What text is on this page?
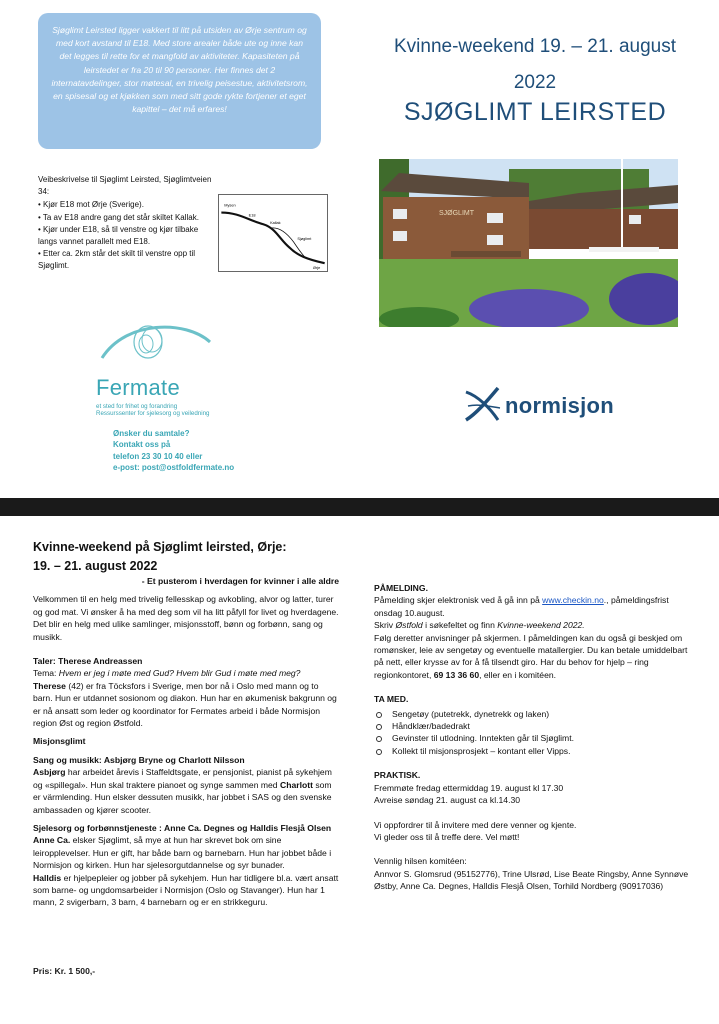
Sjøglimt Leirsted ligger vakkert til litt på utsiden av Ørje sentrum og med kort avstand til E18. Med store arealer både ute og inne kan det legges til rette for et mangfold av aktiviteter. Kapasiteten på leirstedet er fra 20 til 90 personer. Her finnes det 2 internatavdelinger, stor møtesal, en trivelig peisestue, aktivitetsrom, en spisesal og et kjøkken som med sitt gode rykte fortjener et eget kapittel – det må erfares!
Kvinne-weekend 19. – 21. august
2022
SJØGLIMT LEIRSTED
Veibeskrivelse til Sjøglimt Leirsted, Sjøglimtveien 34:
• Kjør E18 mot Ørje (Sverige).
• Ta av E18 andre gang det står skiltet Kallak.
• Kjør under E18, så til venstre og kjør tilbake langs vannet parallelt med E18.
• Etter ca. 2km står det skilt til venstre opp til Sjøglimt.
Mysen
E18
Kallak
Sjøglimt
Ørje
SJØGLIMT
Fermate
et sted for frihet og forandring
Ressurssenter for sjelesorg og veiledning
Ønsker du samtale?
Kontakt oss på
telefon 23 30 10 40 eller
e-post: post@ostfoldfermate.no
normisjon
Kvinne-weekend på Sjøglimt leirsted, Ørje:
19. – 21. august 2022
- Et pusterom i hverdagen for kvinner i alle aldre
Velkommen til en helg med trivelig fellesskap og avkobling, alvor og latter, turer og god mat. Vi ønsker å ha med deg som vil ha litt påfyll for livet og hverdagene. Det blir en helg med ulike samlinger, misjonsstoff, bønn og forbønn, sang og musikk.
Taler: Therese Andreassen
Tema: Hvem er jeg i møte med Gud? Hvem blir Gud i møte med meg?
Therese (42) er fra Töcksfors i Sverige, men bor nå i Oslo med mann og to barn. Hun er utdannet sosionom og diakon. Hun har en økumenisk bakgrunn og er nå ansatt som leder og koordinator for Fermates arbeid i både Normisjon region Øst og region Østfold.
Misjonsglimt
Sang og musikk: Asbjørg Bryne og Charlott Nilsson
Asbjørg har arbeidet årevis i Staffeldtsgate, er pensjonist, pianist på sykehjem og «spillegal». Hun skal traktere pianoet og synge sammen med Charlott som er värmlending. Hun elsker dessuten musikk, har jobbet i SAS og den svenske ambassaden og kjører scooter.
Sjelesorg og forbønnstjeneste : Anne Ca. Degnes og Halldis Flesjå Olsen
Anne Ca. elsker Sjøglimt, så mye at hun har skrevet bok om sine leiropplevelser. Hun er gift, har både barn og barnebarn. Hun har jobbet både i Normisjon og kirken. Hun har sjelesorgutdannelse og syr bunader.
Halldis er hjelpepleier og jobber på sykehjem. Hun har tidligere bl.a. vært ansatt som barne- og ungdomsarbeider i Normisjon (Oslo og Stavanger). Hun har 1 mann, 2 svigerbarn, 3 barn, 4 barnebarn og er en strikkeguru.
Pris: Kr. 1 500,-
PÅMELDING.
Påmelding skjer elektronisk ved å gå inn på www.checkin.no., påmeldingsfrist onsdag 10.august.
Skriv Østfold i søkefeltet og finn Kvinne-weekend 2022.
Følg deretter anvisninger på skjermen. I påmeldingen kan du også gi beskjed om romønsker, leie av sengetøy og eventuelle matallergier. Du kan betale umiddelbart på nett, eller krysse av for å få tilsendt giro. Har du behov for hjelp – ring regionkontoret, 69 13 36 60, eller en i komitéen.
TA MED.
Sengetøy (putetrekk, dynetrekk og laken)
Håndklær/badedrakt
Gevinster til utlodning. Inntekten går til Sjøglimt.
Kollekt til misjonsprosjekt – kontant eller Vipps.
PRAKTISK.
Fremmøte fredag ettermiddag 19. august kl 17.30
Avreise søndag 21. august ca kl.14.30
Vi oppfordrer til å invitere med dere venner og kjente.
Vi gleder oss til å treffe dere. Vel møtt!
Vennlig hilsen komitéen:
Annvor S. Glomsrud (95152776), Trine Ulsrød, Lise Beate Ringsby, Anne Synnøve Østby, Anne Ca. Degnes, Halldis Flesjå Olsen, Torhild Nordberg (90917036)
